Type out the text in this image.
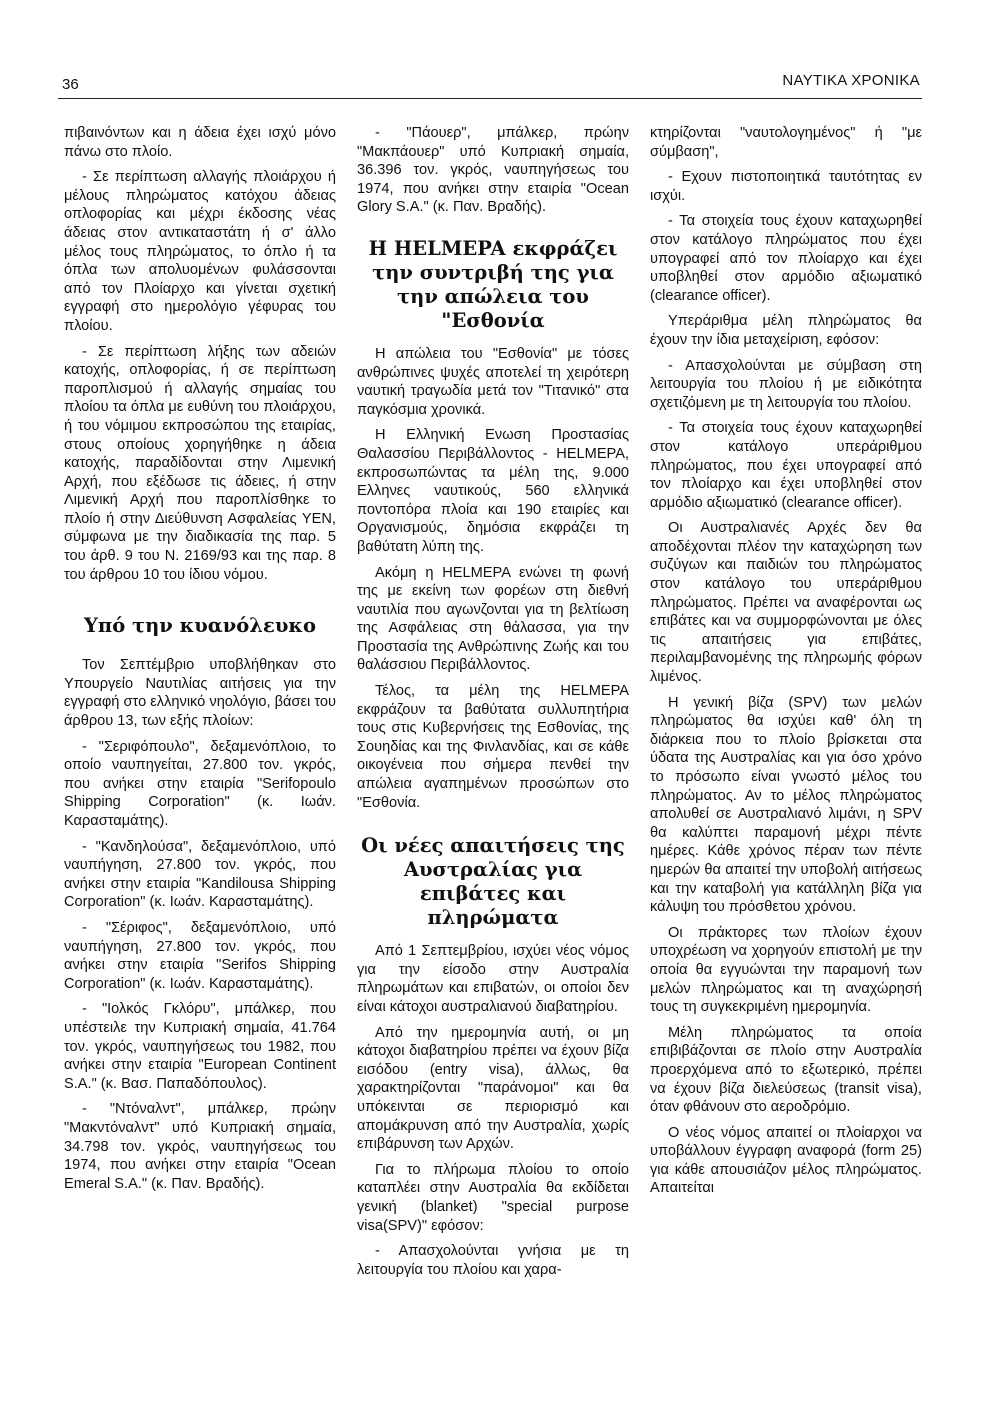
36	ΝΑΥΤΙΚΑ ΧΡΟΝΙΚΑ

πιβαινόντων και η άδεια έχει ισχύ μόνο πάνω στο πλοίο.

- Σε περίπτωση αλλαγής πλοιάρχου ή μέλους πληρώματος κατόχου άδειας οπλοφορίας και μέχρι έκδοσης νέας άδειας στον αντικαταστάτη ή σ' άλλο μέλος τους πληρώματος, το όπλο ή τα όπλα των απολυομένων φυλάσσονται από τον Πλοίαρχο και γίνεται σχετική εγγραφή στο ημερολόγιο γέφυρας του πλοίου.

- Σε περίπτωση λήξης των αδειών κατοχής, οπλοφορίας, ή σε περίπτωση παροπλισμού ή αλλαγής σημαίας του πλοίου τα όπλα με ευθύνη του πλοιάρχου, ή του νόμιμου εκπροσώπου της εταιρίας, στους οποίους χορηγήθηκε η άδεια κατοχής, παραδίδονται στην Λιμενική Αρχή, που εξέδωσε τις άδειες, ή στην Λιμενική Αρχή που παροπλίσθηκε το πλοίο ή στην Διεύθυνση Ασφαλείας ΥΕΝ, σύμφωνα με την διαδικασία της παρ. 5 του άρθ. 9 του Ν. 2169/93 και της παρ. 8 του άρθρου 10 του ίδιου νόμου.

Υπό την κυανόλευκο

Τον Σεπτέμβριο υποβλήθηκαν στο Υπουργείο Ναυτιλίας αιτήσεις για την εγγραφή στο ελληνικό νηολόγιο, βάσει του άρθρου 13, των εξής πλοίων:

- "Σεριφόπουλο", δεξαμενόπλοιο, το οποίο ναυπηγείται, 27.800 τον. γκρός, που ανήκει στην εταιρία "Serifopoulo Shipping Corporation" (κ. Ιωάν. Καρασταμάτης).

- "Κανδηλούσα", δεξαμενόπλοιο, υπό ναυπήγηση, 27.800 τον. γκρός, που ανήκει στην εταιρία "Kandilousa Shipping Corporation" (κ. Ιωάν. Καρασταμάτης).

- "Σέριφος", δεξαμενόπλοιο, υπό ναυπήγηση, 27.800 τον. γκρός, που ανήκει στην εταιρία "Serifos Shipping Corporation" (κ. Ιωάν. Καρασταμάτης).

- "Ιολκός Γκλόρυ", μπάλκερ, που υπέστειλε την Κυπριακή σημαία, 41.764 τον. γκρός, ναυπηγήσεως του 1982, που ανήκει στην εταιρία "European Continent S.A." (κ. Βασ. Παπαδόπουλος).

- "Ντόναλντ", μπάλκερ, πρώην "Μακντόναλντ" υπό Κυπριακή σημαία, 34.798 τον. γκρός, ναυπηγήσεως του 1974, που ανήκει στην εταιρία "Ocean Emeral S.A." (κ. Παν. Βραδής).

- "Πάουερ", μπάλκερ, πρώην "Μακπάουερ" υπό Κυπριακή σημαία, 36.396 τον. γκρός, ναυπηγήσεως του 1974, που ανήκει στην εταιρία "Ocean Glory S.A." (κ. Παν. Βραδής).

Η HELMEPA εκφράζει την συντριβή της για την απώλεια του "Εσθονία

Η απώλεια του "Εσθονία" με τόσες ανθρώπινες ψυχές αποτελεί τη χειρότερη ναυτική τραγωδία μετά τον "Τιτανικό" στα παγκόσμια χρονικά.

Η Ελληνική Ενωση Προστασίας Θαλασσίου Περιβάλλοντος - HELMEPA, εκπροσωπώντας τα μέλη της, 9.000 Ελληνες ναυτικούς, 560 ελληνικά ποντοπόρα πλοία και 190 εταιρίες και Οργανισμούς, δημόσια εκφράζει τη βαθύτατη λύπη της.

Ακόμη η HELMEPA ενώνει τη φωνή της με εκείνη των φορέων στη διεθνή ναυτιλία που αγωνζονται για τη βελτίωση της Ασφάλειας στη θάλασσα, για την Προστασία της Ανθρώπινης Ζωής και του θαλάσσιου Περιβάλλοντος.

Τέλος, τα μέλη της HELMEPA εκφράζουν τα βαθύτατα συλλυπητήρια τους στις Κυβερνήσεις της Εσθονίας, της Σουηδίας και της Φινλανδίας, και σε κάθε οικογένεια που σήμερα πενθεί την απώλεια αγαπημένων προσώπων στο "Εσθονία.

Οι νέες απαιτήσεις της Αυστραλίας για επιβάτες και πληρώματα

Από 1 Σεπτεμβρίου, ισχύει νέος νόμος για την είσοδο στην Αυστραλία πληρωμάτων και επιβατών, οι οποίοι δεν είναι κάτοχοι αυστραλιανού διαβατηρίου.

Από την ημερομηνία αυτή, οι μη κάτοχοι διαβατηρίου πρέπει να έχουν βίζα εισόδου (entry visa), άλλως, θα χαρακτηρίζονται "παράνομοι" και θα υπόκεινται σε περιορισμό και απομάκρυνση από την Αυστραλία, χωρίς επιβάρυνση των Αρχών.

Για το πλήρωμα πλοίου το οποίο καταπλέει στην Αυστραλία θα εκδίδεται γενική (blanket) "special purpose visa(SPV)" εφόσον:

- Απασχολούνται γνήσια με τη λειτουργία του πλοίου και χαρα-

κτηρίζονται "ναυτολογημένος" ή "με σύμβαση",

- Εχουν πιστοποιητικά ταυτότητας εν ισχύι.

- Τα στοιχεία τους έχουν καταχωρηθεί στον κατάλογο πληρώματος που έχει υπογραφεί από τον πλοίαρχο και έχει υποβληθεί στον αρμόδιο αξιωματικό (clearance officer).

Υπεράριθμα μέλη πληρώματος θα έχουν την ίδια μεταχείριση, εφόσον:

- Απασχολούνται με σύμβαση στη λειτουργία του πλοίου ή με ειδικότητα σχετιζόμενη με τη λειτουργία του πλοίου.

- Τα στοιχεία τους έχουν καταχωρηθεί στον κατάλογο υπεράριθμου πληρώματος, που έχει υπογραφεί από τον πλοίαρχο και έχει υποβληθεί στον αρμόδιο αξιωματικό (clearance officer).

Οι Αυστραλιανές Αρχές δεν θα αποδέχονται πλέον την καταχώρηση των συζύγων και παιδιών του πληρώματος στον κατάλογο του υπεράριθμου πληρώματος. Πρέπει να αναφέρονται ως επιβάτες και να συμμορφώνονται με όλες τις απαιτήσεις για επιβάτες, περιλαμβανομένης της πληρωμής φόρων λιμένος.

Η γενική βίζα (SPV) των μελών πληρώματος θα ισχύει καθ' όλη τη διάρκεια που το πλοίο βρίσκεται στα ύδατα της Αυστραλίας και για όσο χρόνο το πρόσωπο είναι γνωστό μέλος του πληρώματος. Αν το μέλος πληρώματος απολυθεί σε Αυστραλιανό λιμάνι, η SPV θα καλύπτει παραμονή μέχρι πέντε ημέρες. Κάθε χρόνος πέραν των πέντε ημερών θα απαιτεί την υποβολή αιτήσεως και την καταβολή για κατάλληλη βίζα για κάλυψη του πρόσθετου χρόνου.

Οι πράκτορες των πλοίων έχουν υποχρέωση να χορηγούν επιστολή με την οποία θα εγγυώνται την παραμονή των μελών πληρώματος και τη αναχώρησή τους τη συγκεκριμένη ημερομηνία.

Μέλη πληρώματος τα οποία επιβιβάζονται σε πλοίο στην Αυστραλία προερχόμενα από το εξωτερικό, πρέπει να έχουν βίζα διελεύσεως (transit visa), όταν φθάνουν στο αεροδρόμιο.

Ο νέος νόμος απαιτεί οι πλοίαρχοι να υποβάλλουν έγγραφη αναφορά (form 25) για κάθε απουσιάζον μέλος πληρώματος. Απαιτείται
